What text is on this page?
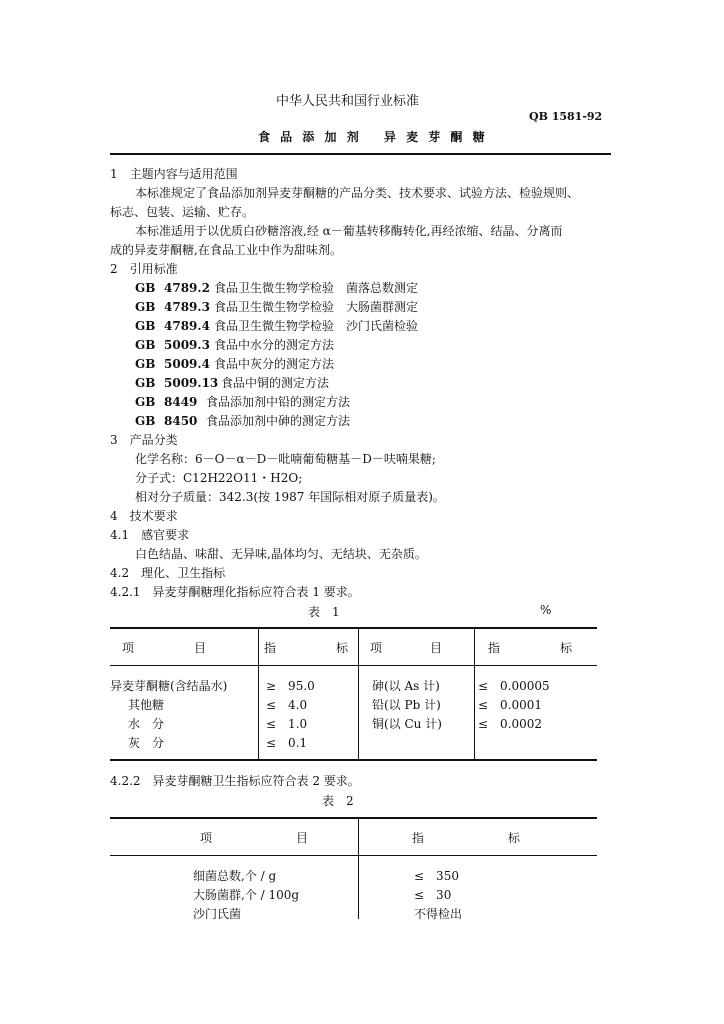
中华人民共和国行业标准
QB 1581-92
食 品 添 加 剂　 异 麦 芽 酮 糖
1　主题内容与适用范围
本标准规定了食品添加剂异麦芽酮糖的产品分类、技术要求、试验方法、检验规则、
标志、包装、运输、贮存。
本标准适用于以优质白砂糖溶液,经 α－葡基转移酶转化,再经浓缩、结晶、分离而
成的异麦芽酮糖,在食品工业中作为甜味剂。
2　引用标准
GB 4789.2 食品卫生微生物学检验　菌落总数测定
GB 4789.3 食品卫生微生物学检验　大肠菌群测定
GB 4789.4 食品卫生微生物学检验　沙门氏菌检验
GB 5009.3 食品中水分的测定方法
GB 5009.4 食品中灰分的测定方法
GB 5009.13 食品中铜的测定方法
GB 8449 食品添加剂中铅的测定方法
GB 8450 食品添加剂中砷的测定方法
3　产品分类
化学名称：6－O－α－D－吡喃葡萄糖基－D－呋喃果糖;
分子式：C12H22O11・H2O;
相对分子质量：342.3(按 1987 年国际相对原子质量表)。
4　技术要求
4.1　感官要求
白色结晶、味甜、无异味,晶体均匀、无结块、无杂质。
4.2　理化、卫生指标
4.2.1　异麦芽酮糖理化指标应符合表 1 要求。
表　1	%
项　　　　　目	指　　　　　标 项　　　　目	指　　　　　标
异麦芽酮糖(含结晶水)	≥　95.0	砷(以 As 计)	≤　0.00005
其他糖	≤　4.0	铅(以 Pb 计)	≤　0.0001
水　分	≤　1.0	铜(以 Cu 计)	≤　0.0002
灰　分	≤　0.1
4.2.2　异麦芽酮糖卫生指标应符合表 2 要求。
表　2
项　　　　　　　目	指　　　　　　　标
细菌总数,个 / g	≤　350
大肠菌群,个 / 100g	≤　30
沙门氏菌	不得检出
